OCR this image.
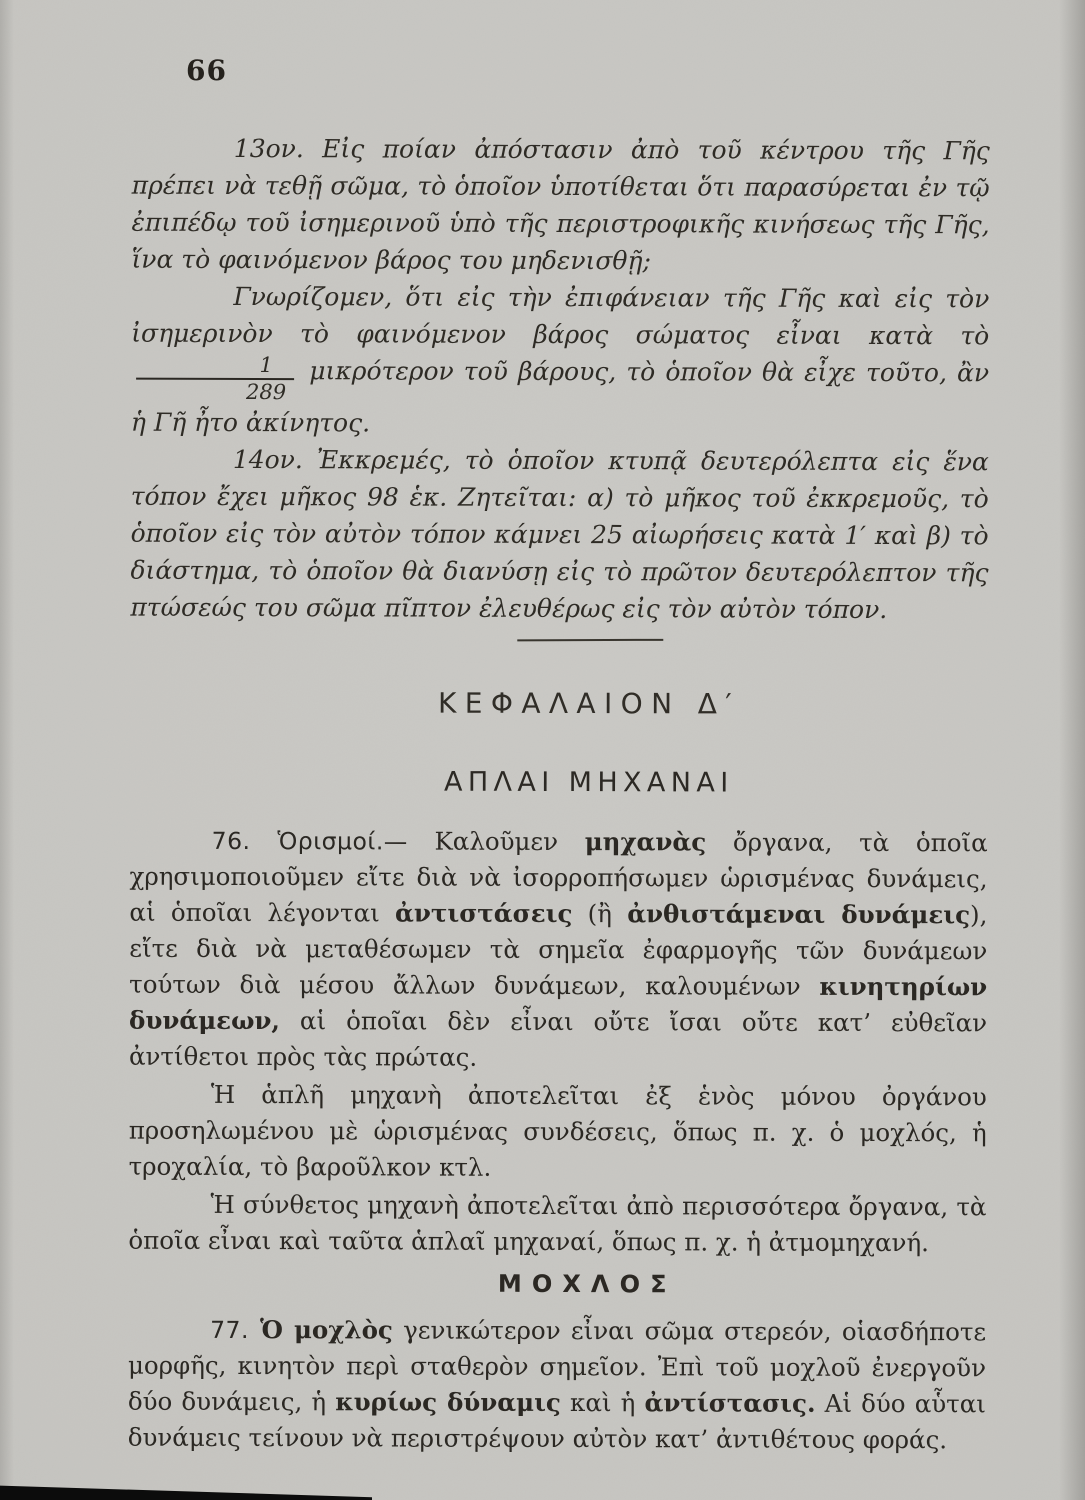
66

13ον. Εἰς ποίαν ἀπόστασιν ἀπὸ τοῦ κέντρου τῆς Γῆς πρέπει νὰ τεθῇ σῶμα, τὸ ὁποῖον ὑποτίθεται ὅτι παρασύρεται ἐν τῷ ἐπιπέδῳ τοῦ ἰσημερινοῦ ὑπὸ τῆς περιστροφικῆς κινήσεως τῆς Γῆς, ἵνα τὸ φαινόμενον βάρος του μηδενισθῇ;

Γνωρίζομεν, ὅτι εἰς τὴν ἐπιφάνειαν τῆς Γῆς καὶ εἰς τὸν ἰσημερινὸν τὸ φαινόμενον βάρος σώματος εἶναι κατὰ τὸ
$\frac{1}{289}$ μικρότερον τοῦ βάρους, τὸ ὁποῖον θὰ εἶχε τοῦτο, ἂν ἡ Γῆ ἦτο ἀκίνητος.

14ον. Ἐκκρεμές, τὸ ὁποῖον κτυπᾷ δευτερόλεπτα εἰς ἕνα τόπον ἔχει μῆκος 98 ἑκ. Ζητεῖται: α) τὸ μῆκος τοῦ ἐκκρεμοῦς, τὸ ὁποῖον εἰς τὸν αὐτὸν τόπον κάμνει 25 αἰωρήσεις κατὰ 1′ καὶ β) τὸ διάστημα, τὸ ὁποῖον θὰ διανύσῃ εἰς τὸ πρῶτον δευτερόλεπτον τῆς πτώσεώς του σῶμα πῖπτον ἐλευθέρως εἰς τὸν αὐτὸν τόπον.

ΚΕΦΑΛΑΙΟΝ Δ′
ΑΠΛΑΙ ΜΗΧΑΝΑΙ

76. Ὁρισμοί.— Καλοῦμεν μηχανὰς ὄργανα, τὰ ὁποῖα χρησιμοποιοῦμεν εἴτε διὰ νὰ ἰσορροπήσωμεν ὡρισμένας δυνάμεις, αἱ ὁποῖαι λέγονται ἀντιστάσεις (ἢ ἀνθιστάμεναι δυνάμεις), εἴτε διὰ νὰ μεταθέσωμεν τὰ σημεῖα ἐφαρμογῆς τῶν δυνάμεων τούτων διὰ μέσου ἄλλων δυνάμεων, καλουμένων κινητηρίων δυνάμεων, αἱ ὁποῖαι δὲν εἶναι οὔτε ἴσαι οὔτε κατ’ εὐθεῖαν ἀντίθετοι πρὸς τὰς πρώτας.

Ἡ ἁπλῆ μηχανὴ ἀποτελεῖται ἐξ ἑνὸς μόνου ὀργάνου προσηλωμένου μὲ ὡρισμένας συνδέσεις, ὅπως π. χ. ὁ μοχλός, ἡ τροχαλία, τὸ βαροῦλκον κτλ.

Ἡ σύνθετος μηχανὴ ἀποτελεῖται ἀπὸ περισσότερα ὄργανα, τὰ ὁποῖα εἶναι καὶ ταῦτα ἁπλαῖ μηχαναί, ὅπως π. χ. ἡ ἀτμομηχανή.

ΜΟΧΛΟΣ

77. Ὁ μοχλὸς γενικώτερον εἶναι σῶμα στερεόν, οἱασδήποτε μορφῆς, κινητὸν περὶ σταθερὸν σημεῖον. Ἐπὶ τοῦ μοχλοῦ ἐνεργοῦν δύο δυνάμεις, ἡ κυρίως δύναμις καὶ ἡ ἀντίστασις. Αἱ δύο αὗται δυνάμεις τείνουν νὰ περιστρέψουν αὐτὸν κατ’ ἀντιθέτους φοράς.
